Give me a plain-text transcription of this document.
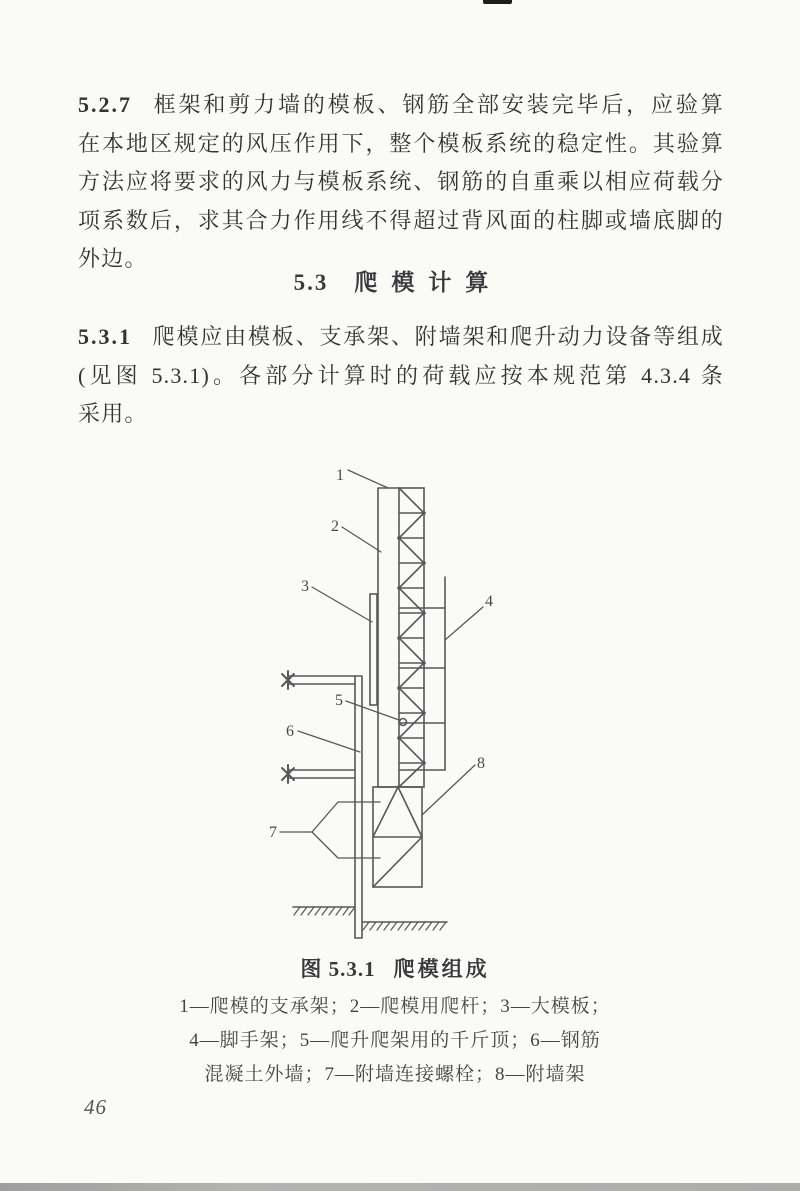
5.2.7 框架和剪力墙的模板、钢筋全部安装完毕后，应验算
在本地区规定的风压作用下，整个模板系统的稳定性。其验算
方法应将要求的风力与模板系统、钢筋的自重乘以相应荷载分
项系数后，求其合力作用线不得超过背风面的柱脚或墙底脚的
外边。
5.3 爬模计算
5.3.1 爬模应由模板、支承架、附墙架和爬升动力设备等组成
(见图 5.3.1)。各部分计算时的荷载应按本规范第 4.3.4 条
采用。
1
2
3
4
5
6
7
8
图 5.3.1 爬模组成
1—爬模的支承架；2—爬模用爬杆；3—大模板；
4—脚手架；5—爬升爬架用的千斤顶；6—钢筋
混凝土外墙；7—附墙连接螺栓；8—附墙架
46
